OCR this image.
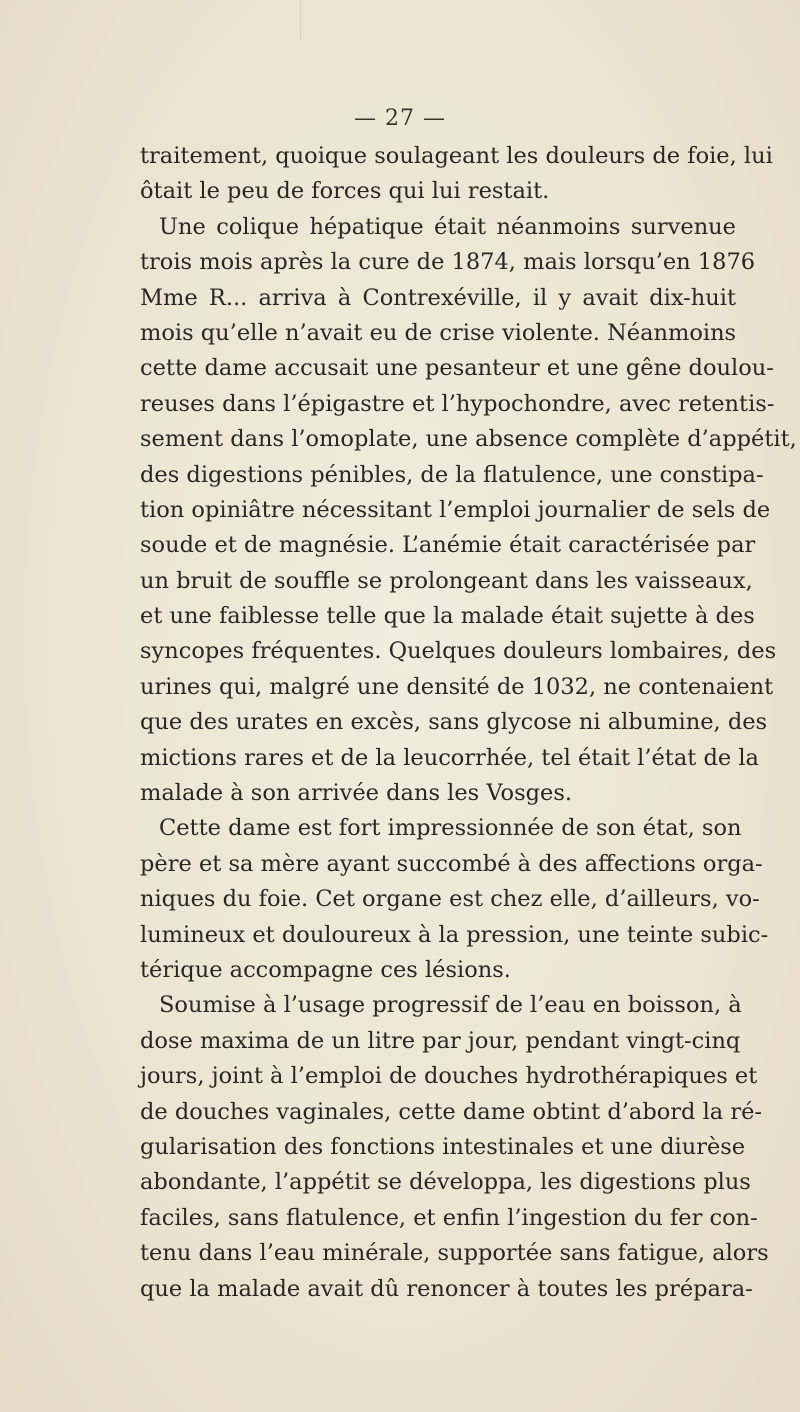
— 27 —
traitement, quoique soulageant les douleurs de foie, lui
ôtait le peu de forces qui lui restait.
Une colique hépatique était néanmoins survenue
trois mois après la cure de 1874, mais lorsqu’en 1876
Mme R... arriva à Contrexéville, il y avait dix-huit
mois qu’elle n’avait eu de crise violente. Néanmoins
cette dame accusait une pesanteur et une gêne doulou-
reuses dans l’épigastre et l’hypochondre, avec retentis-
sement dans l’omoplate, une absence complète d’appétit,
des digestions pénibles, de la flatulence, une constipa-
tion opiniâtre nécessitant l’emploi journalier de sels de
soude et de magnésie. L’anémie était caractérisée par
un bruit de souffle se prolongeant dans les vaisseaux,
et une faiblesse telle que la malade était sujette à des
syncopes fréquentes. Quelques douleurs lombaires, des
urines qui, malgré une densité de 1032, ne contenaient
que des urates en excès, sans glycose ni albumine, des
mictions rares et de la leucorrhée, tel était l’état de la
malade à son arrivée dans les Vosges.
Cette dame est fort impressionnée de son état, son
père et sa mère ayant succombé à des affections orga-
niques du foie. Cet organe est chez elle, d’ailleurs, vo-
lumineux et douloureux à la pression, une teinte subic-
térique accompagne ces lésions.
Soumise à l’usage progressif de l’eau en boisson, à
dose maxima de un litre par jour, pendant vingt-cinq
jours, joint à l’emploi de douches hydrothérapiques et
de douches vaginales, cette dame obtint d’abord la ré-
gularisation des fonctions intestinales et une diurèse
abondante, l’appétit se développa, les digestions plus
faciles, sans flatulence, et enfin l’ingestion du fer con-
tenu dans l’eau minérale, supportée sans fatigue, alors
que la malade avait dû renoncer à toutes les prépara-
